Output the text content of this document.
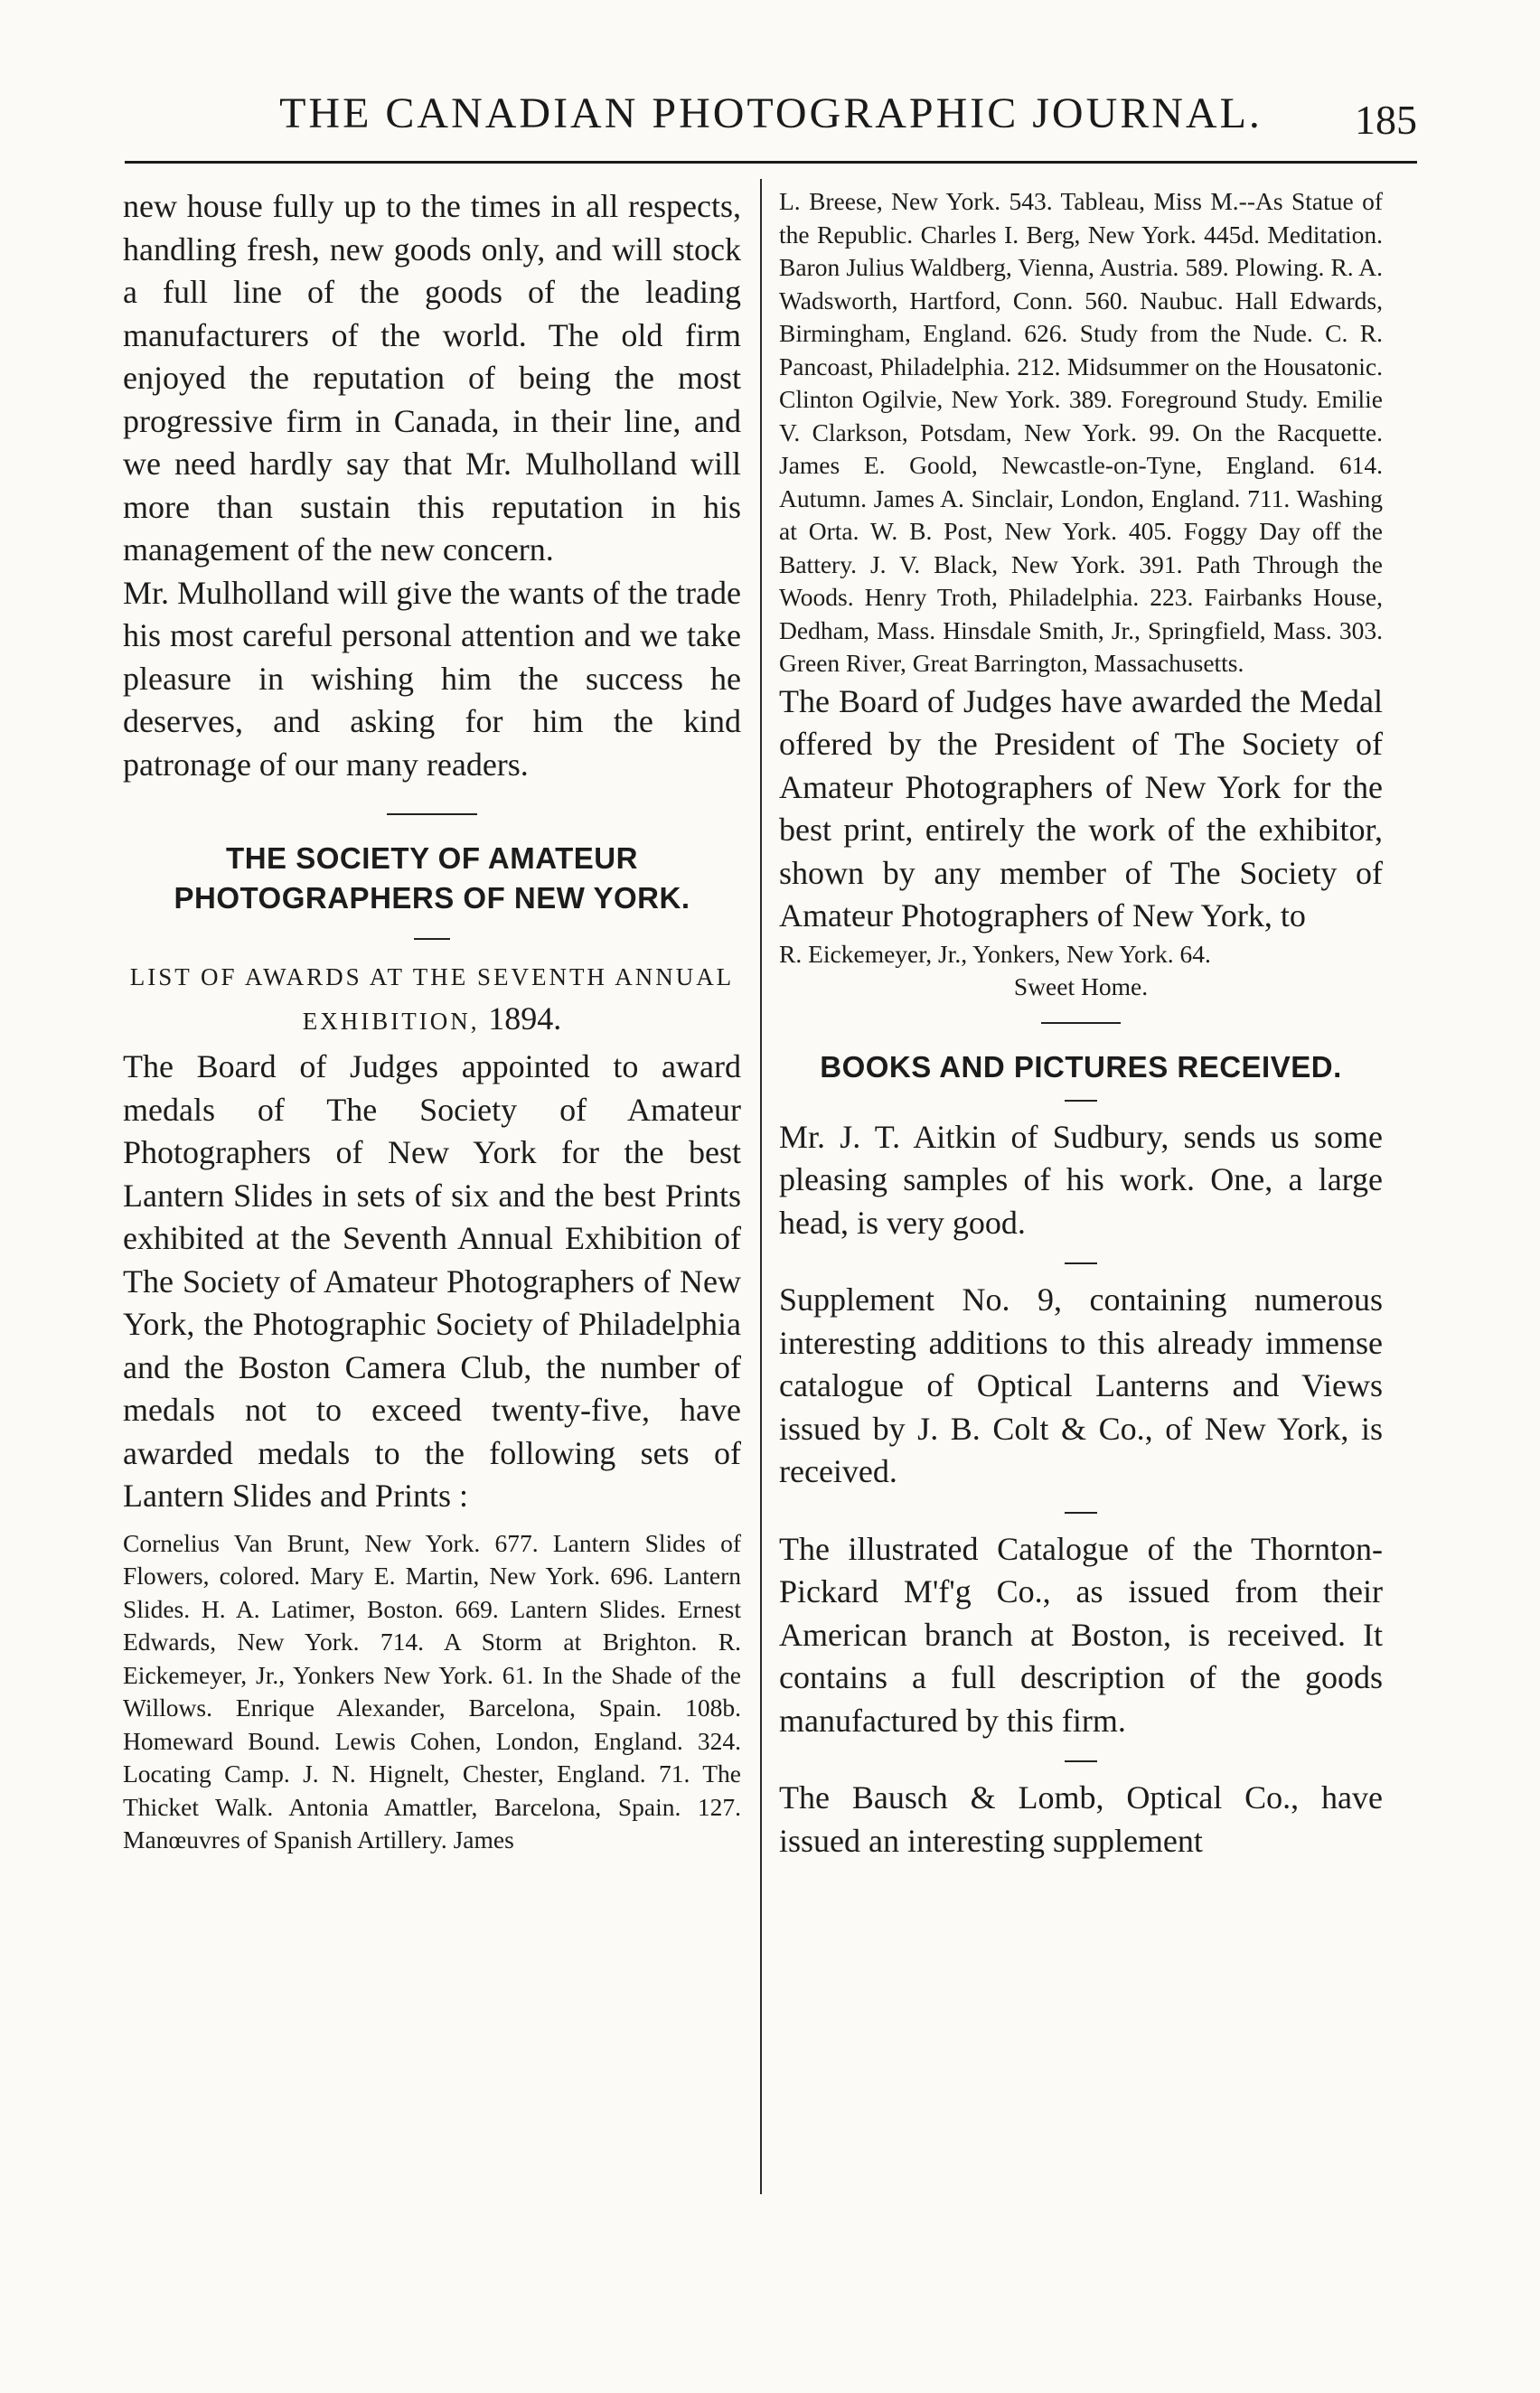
THE CANADIAN PHOTOGRAPHIC JOURNAL.	185

new house fully up to the times in all respects, handling fresh, new goods only, and will stock a full line of the goods of the leading manufacturers of the world. The old firm enjoyed the reputation of being the most progressive firm in Canada, in their line, and we need hardly say that Mr. Mulholland will more than sustain this reputation in his management of the new concern.

Mr. Mulholland will give the wants of the trade his most careful personal attention and we take pleasure in wishing him the success he deserves, and asking for him the kind patronage of our many readers.

THE SOCIETY OF AMATEUR PHOTOGRAPHERS OF NEW YORK.

LIST OF AWARDS AT THE SEVENTH ANNUAL EXHIBITION, 1894.

The Board of Judges appointed to award medals of The Society of Amateur Photographers of New York for the best Lantern Slides in sets of six and the best Prints exhibited at the Seventh Annual Exhibition of The Society of Amateur Photographers of New York, the Photographic Society of Philadelphia and the Boston Camera Club, the number of medals not to exceed twenty-five, have awarded medals to the following sets of Lantern Slides and Prints :

Cornelius Van Brunt, New York. 677. Lantern Slides of Flowers, colored. Mary E. Martin, New York. 696. Lantern Slides. H. A. Latimer, Boston. 669. Lantern Slides. Ernest Edwards, New York. 714. A Storm at Brighton. R. Eickemeyer, Jr., Yonkers New York. 61. In the Shade of the Willows. Enrique Alexander, Barcelona, Spain. 108b. Homeward Bound. Lewis Cohen, London, England. 324. Locating Camp. J. N. Hignelt, Chester, England. 71. The Thicket Walk. Antonia Amattler, Barcelona, Spain. 127. Manœuvres of Spanish Artillery. James

L. Breese, New York. 543. Tableau, Miss M.--As Statue of the Republic. Charles I. Berg, New York. 445d. Meditation. Baron Julius Waldberg, Vienna, Austria. 589. Plowing. R. A. Wadsworth, Hartford, Conn. 560. Naubuc. Hall Edwards, Birmingham, England. 626. Study from the Nude. C. R. Pancoast, Philadelphia. 212. Midsummer on the Housatonic. Clinton Ogilvie, New York. 389. Foreground Study. Emilie V. Clarkson, Potsdam, New York. 99. On the Racquette. James E. Goold, Newcastle-on-Tyne, England. 614. Autumn. James A. Sinclair, London, England. 711. Washing at Orta. W. B. Post, New York. 405. Foggy Day off the Battery. J. V. Black, New York. 391. Path Through the Woods. Henry Troth, Philadelphia. 223. Fairbanks House, Dedham, Mass. Hinsdale Smith, Jr., Springfield, Mass. 303. Green River, Great Barrington, Massachusetts.

The Board of Judges have awarded the Medal offered by the President of The Society of Amateur Photographers of New York for the best print, entirely the work of the exhibitor, shown by any member of The Society of Amateur Photographers of New York, to

R. Eickemeyer, Jr., Yonkers, New York. 64.

Sweet Home.

BOOKS AND PICTURES RECEIVED.

Mr. J. T. Aitkin of Sudbury, sends us some pleasing samples of his work. One, a large head, is very good.

Supplement No. 9, containing numerous interesting additions to this already immense catalogue of Optical Lanterns and Views issued by J. B. Colt & Co., of New York, is received.

The illustrated Catalogue of the Thornton-Pickard M'f'g Co., as issued from their American branch at Boston, is received. It contains a full description of the goods manufactured by this firm.

The Bausch & Lomb, Optical Co., have issued an interesting supplement
